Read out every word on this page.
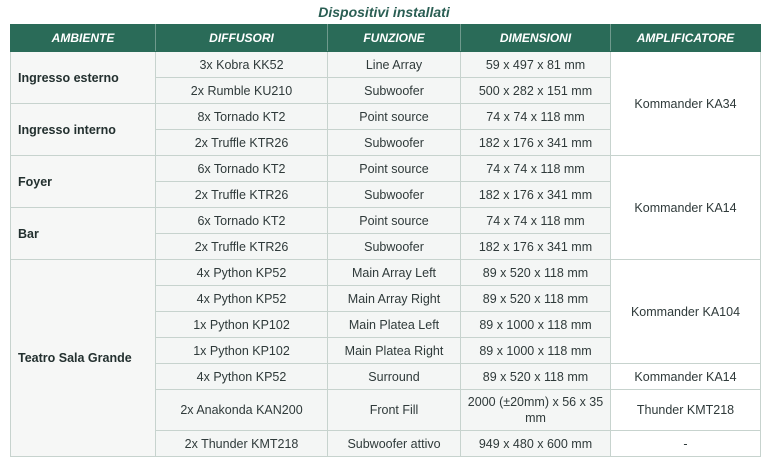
Dispositivi installati
AMBIENTE	DIFFUSORI	FUNZIONE	DIMENSIONI	AMPLIFICATORE
Ingresso esterno	3x Kobra KK52	Line Array	59 x 497 x 81 mm	Kommander KA34
	2x Rumble KU210	Subwoofer	500 x 282 x 151 mm	
Ingresso interno	8x Tornado KT2	Point source	74 x 74 x 118 mm	
	2x Truffle KTR26	Subwoofer	182 x 176 x 341 mm	
Foyer	6x Tornado KT2	Point source	74 x 74 x 118 mm	Kommander KA14
	2x Truffle KTR26	Subwoofer	182 x 176 x 341 mm	
Bar	6x Tornado KT2	Point source	74 x 74 x 118 mm	
	2x Truffle KTR26	Subwoofer	182 x 176 x 341 mm	
Teatro Sala Grande	4x Python KP52	Main Array Left	89 x 520 x 118 mm	Kommander KA104
	4x Python KP52	Main Array Right	89 x 520 x 118 mm	
	1x Python KP102	Main Platea Left	89 x 1000 x 118 mm	
	1x Python KP102	Main Platea Right	89 x 1000 x 118 mm	
	4x Python KP52	Surround	89 x 520 x 118 mm	Kommander KA14
	2x Anakonda KAN200	Front Fill	2000 (±20mm) x 56 x 35 mm	Thunder KMT218
	2x Thunder KMT218	Subwoofer attivo	949 x 480 x 600 mm	-
